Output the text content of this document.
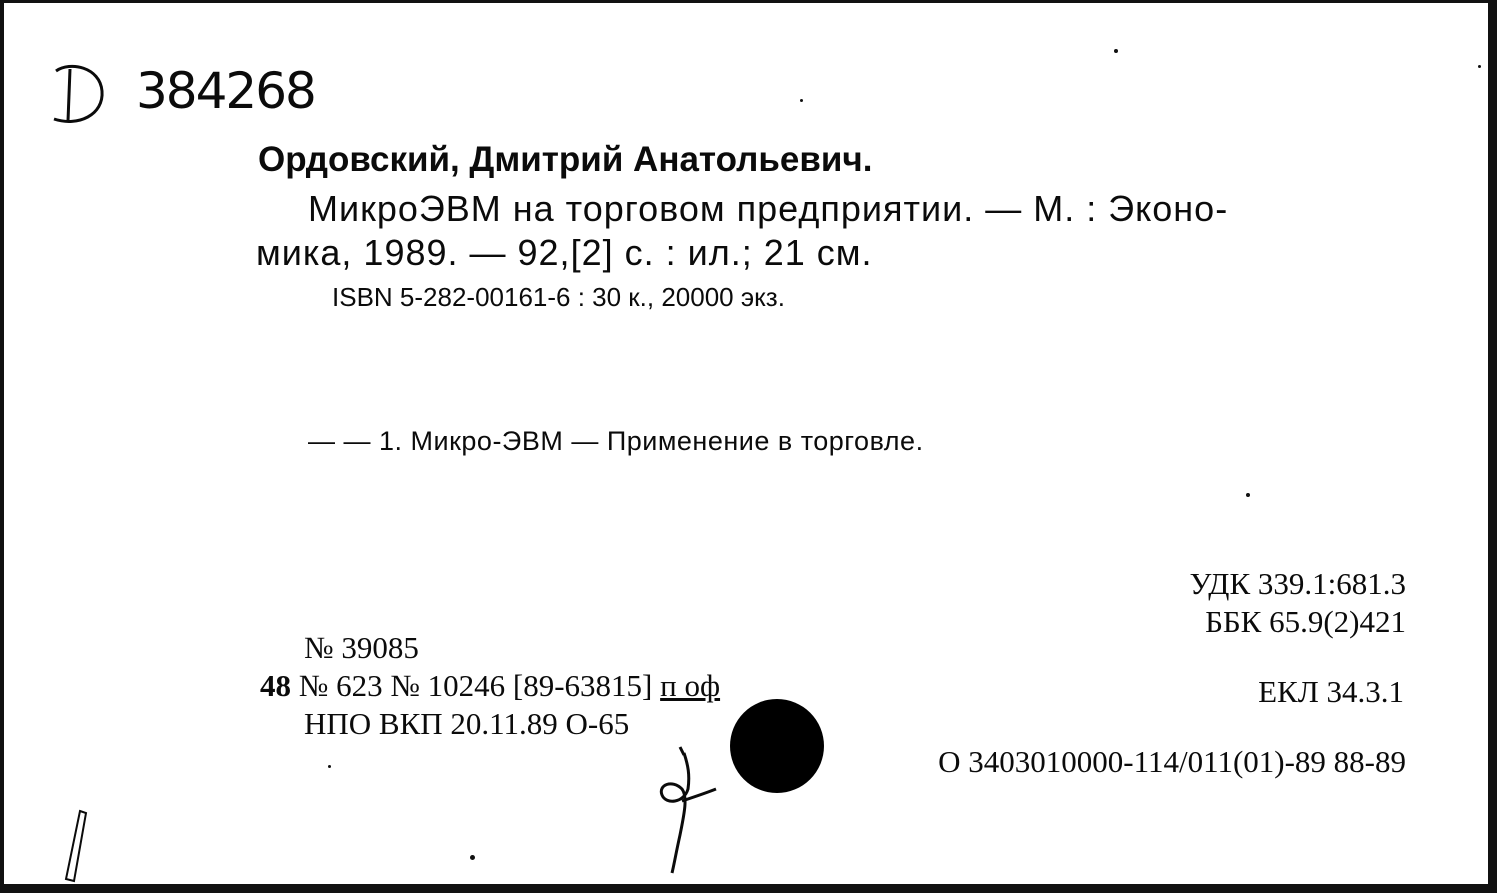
384268
Ордовский, Дмитрий Анатольевич.
МикроЭВМ на торговом предприятии. — М. : Эконо-
мика, 1989. — 92,[2] с. : ил.; 21 см.
ISBN 5-282-00161-6 : 30 к., 20000 экз.
— — 1. Микро-ЭВМ — Применение в торговле.
УДК 339.1:681.3
ББК 65.9(2)421
ЕКЛ 34.3.1
№ 39085
48 № 623 № 10246 [89-63815] п оф
НПО ВКП 20.11.89 О-65
О 3403010000-114/011(01)-89 88-89
